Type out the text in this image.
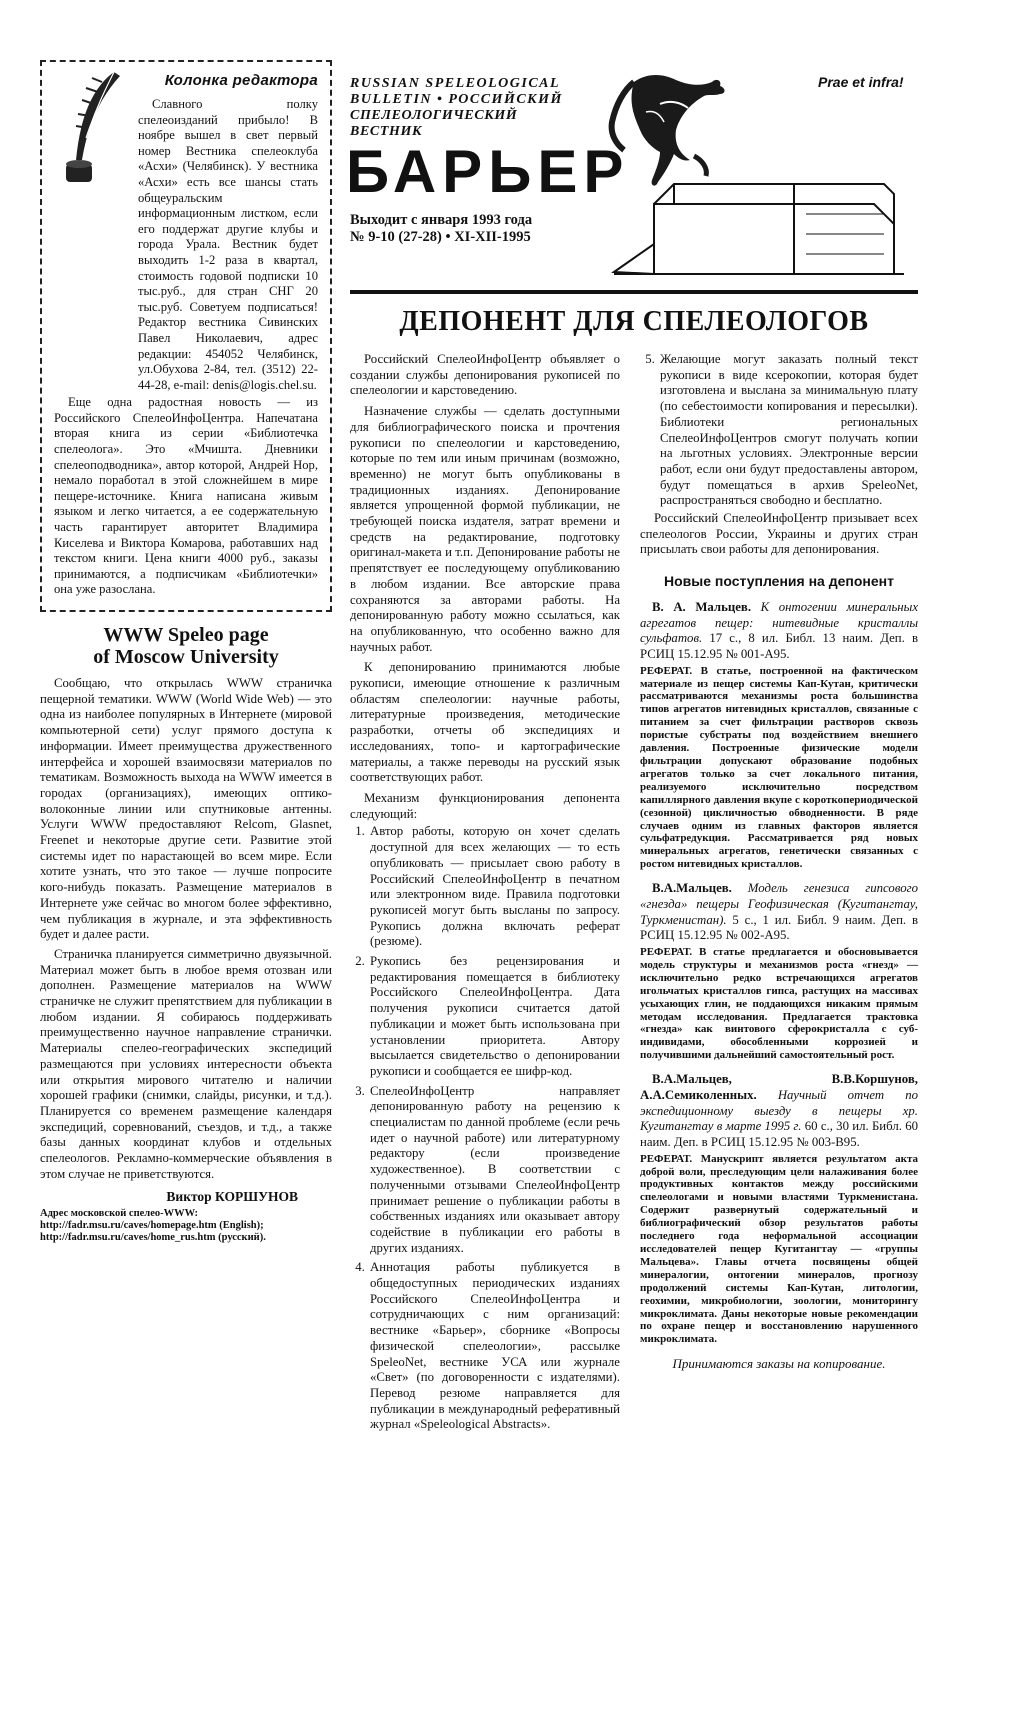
Колонка редактора

Славного полку спелеоизданий прибыло! В ноябре вышел в свет первый номер Вестника спелеоклуба «Асхи» (Челябинск). У вестника «Асхи» есть все шансы стать общеуральским информационным листком, если его поддержат другие клубы и города Урала. Вестник будет выходить 1-2 раза в квартал, стоимость годовой подписки 10 тыс.руб., для стран СНГ 20 тыс.руб. Советуем подписаться! Редактор вестника Сивинских Павел Николаевич, адрес редакции: 454052 Челябинск, ул.Обухова 2-84, тел. (3512) 22-44-28, e-mail: denis@logis.chel.su.

Еще одна радостная новость — из Российского СпелеоИнфоЦентра. Напечатана вторая книга из серии «Библиотечка спелеолога». Это «Мчишта. Дневники спелеоподводника», автор которой, Андрей Нор, немало поработал в этой сложнейшем в мире пещере-источнике. Книга написана живым языком и легко читается, а ее содержательную часть гарантирует авторитет Владимира Киселева и Виктора Комарова, работавших над текстом книги. Цена книги 4000 руб., заказы принимаются, а подписчикам «Библиотечки» она уже разослана.

RUSSIAN SPELEOLOGICAL
BULLETIN • РОССИЙСКИЙ
СПЕЛЕОЛОГИЧЕСКИЙ ВЕСТНИК
БАРЬЕР
Выходит с января 1993 года
№ 9-10 (27-28) • XI-XII-1995
Prae et infra!
ДЕПОНЕНТ ДЛЯ СПЕЛЕОЛОГОВ
WWW Speleo page
of Moscow University

Сообщаю, что открылась WWW страничка пещерной тематики. WWW (World Wide Web) — это одна из наиболее популярных в Интернете (мировой компьютерной сети) услуг прямого доступа к информации. Имеет преимущества дружественного интерфейса и хорошей взаимосвязи материалов по тематикам. Возможность выхода на WWW имеется в городах (организациях), имеющих оптико-волоконные линии или спутниковые антенны. Услуги WWW предоставляют Relcom, Glasnet, Freenet и некоторые другие сети. Развитие этой системы идет по нарастающей во всем мире. Если хотите узнать, что это такое — лучше попросите кого-нибудь показать. Размещение материалов в Интернете уже сейчас во многом более эффективно, чем публикация в журнале, и эта эффективность будет и далее расти.

Страничка планируется симметрично двуязычной. Материал может быть в любое время отозван или дополнен. Размещение материалов на WWW страничке не служит препятствием для публикации в любом издании. Я собираюсь поддерживать преимущественно научное направление странички. Материалы спелео-географических экспедиций размещаются при условиях интересности объекта или открытия мирового читателю и наличии хорошей графики (снимки, слайды, рисунки, и т.д.). Планируется со временем размещение календаря экспедиций, соревнований, съездов, и т.д., а также базы данных координат клубов и отдельных спелеологов. Рекламно-коммерческие объявления в этом случае не приветствуются.

Виктор КОРШУНОВ
Адрес московской спелео-WWW:
http://fadr.msu.ru/caves/homepage.htm (English);
http://fadr.msu.ru/caves/home_rus.htm (русский).

Российский СпелеоИнфоЦентр объявляет о создании службы депонирования рукописей по спелеологии и карстоведению.

Назначение службы — сделать доступными для библиографического поиска и прочтения рукописи по спелеологии и карстоведению, которые по тем или иным причинам (возможно, временно) не могут быть опубликованы в традиционных изданиях. Депонирование является упрощенной формой публикации, не требующей поиска издателя, затрат времени и средств на редактирование, подготовку оригинал-макета и т.п. Депонирование работы не препятствует ее последующему опубликованию в любом издании. Все авторские права сохраняются за авторами работы. На депонированную работу можно ссылаться, как на опубликованную, что особенно важно для научных работ.

К депонированию принимаются любые рукописи, имеющие отношение к различным областям спелеологии: научные работы, литературные произведения, методические разработки, отчеты об экспедициях и исследованиях, топо- и картографические материалы, а также переводы на русский язык соответствующих работ.

Механизм функционирования депонента следующий:

1. Автор работы, которую он хочет сделать доступной для всех желающих — то есть опубликовать — присылает свою работу в Российский СпелеоИнфоЦентр в печатном или электронном виде. Правила подготовки рукописей могут быть высланы по запросу. Рукопись должна включать реферат (резюме).
2. Рукопись без рецензирования и редактирования помещается в библиотеку Российского СпелеоИнфоЦентра. Дата получения рукописи считается датой публикации и может быть использована при установлении приоритета. Автору высылается свидетельство о депонировании рукописи и сообщается ее шифр-код.
3. СпелеоИнфоЦентр направляет депонированную работу на рецензию к специалистам по данной проблеме (если речь идет о научной работе) или литературному редактору (если произведение художественное). В соответствии с полученными отзывами СпелеоИнфоЦентр принимает решение о публикации работы в собственных изданиях или оказывает автору содействие в публикации его работы в других изданиях.
4. Аннотация работы публикуется в общедоступных периодических изданиях Российского СпелеоИнфоЦентра и сотрудничающих с ним организаций: вестнике «Барьер», сборнике «Вопросы физической спелеологии», рассылке SpeleoNet, вестнике УСА или журнале «Свет» (по договоренности с издателями). Перевод резюме направляется для публикации в международный реферативный журнал «Speleological Abstracts».
5. Желающие могут заказать полный текст рукописи в виде ксерокопии, которая будет изготовлена и выслана за минимальную плату (по себестоимости копирования и пересылки). Библиотеки региональных СпелеоИнфоЦентров смогут получать копии на льготных условиях. Электронные версии работ, если они будут предоставлены автором, будут помещаться в архив SpeleoNet, распространяться свободно и бесплатно.

Российский СпелеоИнфоЦентр призывает всех спелеологов России, Украины и других стран присылать свои работы для депонирования.

Новые поступления на депонент

В. А. Мальцев. К онтогении минеральных агрегатов пещер: нитевидные кристаллы сульфатов. 17 с., 8 ил. Библ. 13 наим. Деп. в РСИЦ 15.12.95 № 001-А95.

РЕФЕРАТ. В статье, построенной на фактическом материале из пещер системы Кап-Кутан, критически рассматриваются механизмы роста большинства типов агрегатов нитевидных кристаллов, связанные с питанием за счет фильтрации растворов сквозь пористые субстраты под воздействием внешнего давления. Построенные физические модели фильтрации допускают образование подобных агрегатов только за счет локального питания, реализуемого исключительно посредством капиллярного давления вкупе с короткопериодической (сезонной) цикличностью обводненности. В ряде случаев одним из главных факторов является сульфатредукция. Рассматривается ряд новых минеральных агрегатов, генетически связанных с ростом нитевидных кристаллов.

В.А.Мальцев. Модель генезиса гипсового «гнезда» пещеры Геофизическая (Кугитангтау, Туркменистан). 5 с., 1 ил. Библ. 9 наим. Деп. в РСИЦ 15.12.95 № 002-А95.

РЕФЕРАТ. В статье предлагается и обосновывается модель структуры и механизмов роста «гнезд» — исключительно редко встречающихся агрегатов игольчатых кристаллов гипса, растущих на массивах усыхающих глин, не поддающихся никаким прямым методам исследования. Предлагается трактовка «гнезда» как винтового сферокристалла с суб-индивидами, обособленными коррозией и получившими дальнейший самостоятельный рост.

В.А.Мальцев, В.В.Коршунов, А.А.Семиколенных. Научный отчет по экспедиционному выезду в пещеры хр. Кугитангтау в марте 1995 г. 60 с., 30 ил. Библ. 60 наим. Деп. в РСИЦ 15.12.95 № 003-В95.

РЕФЕРАТ. Манускрипт является результатом акта доброй воли, преследующим цели налаживания более продуктивных контактов между российскими спелеологами и новыми властями Туркменистана. Содержит развернутый содержательный и библиографический обзор результатов работы последнего года неформальной ассоциации исследователей пещер Кугитангтау — «группы Мальцева». Главы отчета посвящены общей минералогии, онтогении минералов, прогнозу продолжений системы Кап-Кутан, литологии, геохимии, микробиологии, зоологии, мониторингу микроклимата. Даны некоторые новые рекомендации по охране пещер и восстановлению нарушенного микроклимата.

Принимаются заказы на копирование.
